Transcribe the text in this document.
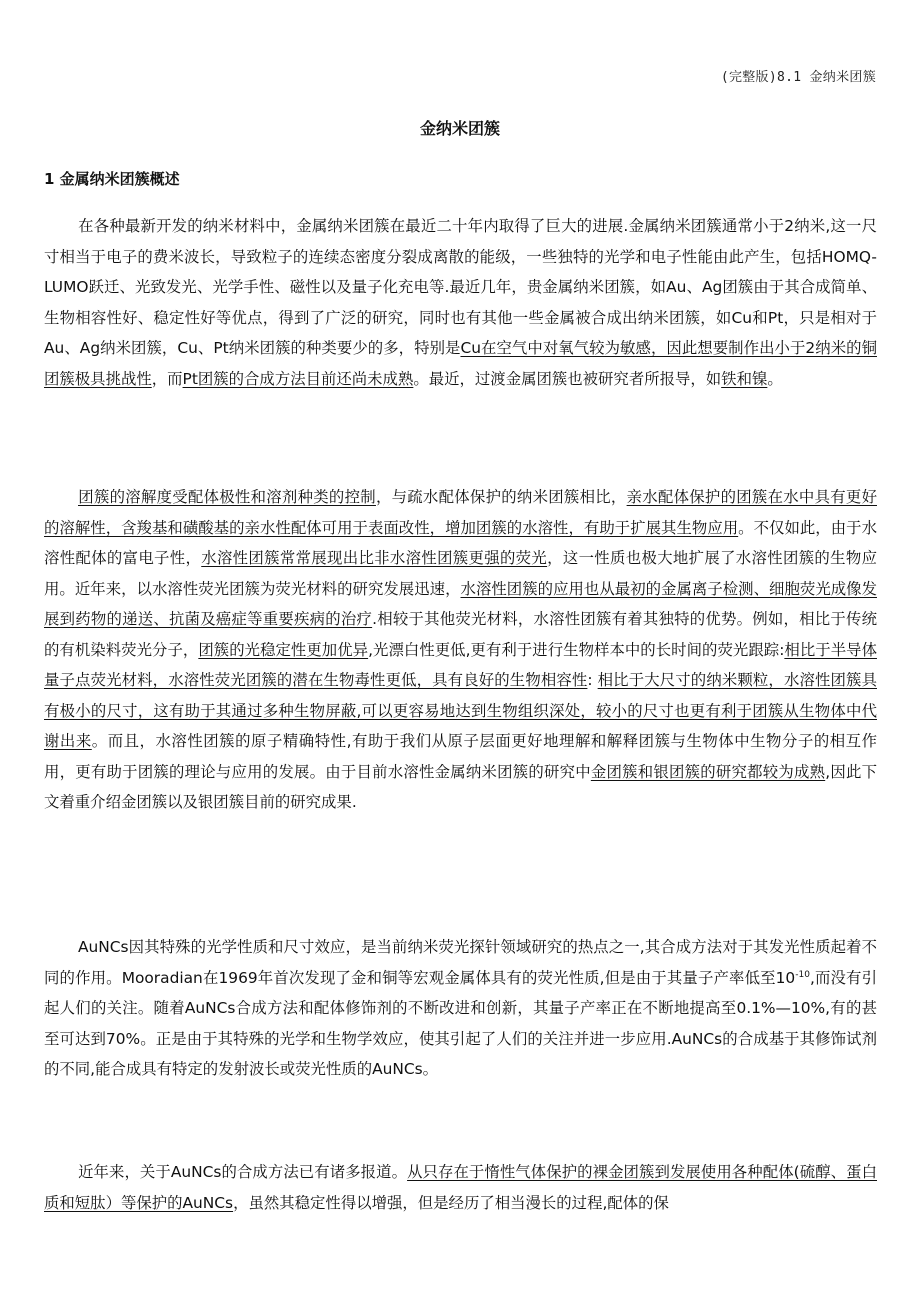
(完整版)8.1 金纳米团簇
金纳米团簇
1 金属纳米团簇概述
在各种最新开发的纳米材料中，金属纳米团簇在最近二十年内取得了巨大的进展.金属纳米团簇通常小于2纳米,这一尺寸相当于电子的费米波长，导致粒子的连续态密度分裂成离散的能级，一些独特的光学和电子性能由此产生，包括HOMQ-LUMO跃迁、光致发光、光学手性、磁性以及量子化充电等.最近几年，贵金属纳米团簇，如Au、Ag团簇由于其合成简单、生物相容性好、稳定性好等优点，得到了广泛的研究，同时也有其他一些金属被合成出纳米团簇，如Cu和Pt，只是相对于Au、Ag纳米团簇，Cu、Pt纳米团簇的种类要少的多，特别是Cu在空气中对氧气较为敏感，因此想要制作出小于2纳米的铜团簇极具挑战性，而Pt团簇的合成方法目前还尚未成熟。最近，过渡金属团簇也被研究者所报导，如铁和镍。
团簇的溶解度受配体极性和溶剂种类的控制，与疏水配体保护的纳米团簇相比，亲水配体保护的团簇在水中具有更好的溶解性，含羧基和磺酸基的亲水性配体可用于表面改性，增加团簇的水溶性，有助于扩展其生物应用。不仅如此，由于水溶性配体的富电子性，水溶性团簇常常展现出比非水溶性团簇更强的荧光，这一性质也极大地扩展了水溶性团簇的生物应用。近年来，以水溶性荧光团簇为荧光材料的研究发展迅速，水溶性团簇的应用也从最初的金属离子检测、细胞荧光成像发展到药物的递送、抗菌及癌症等重要疾病的治疗.相较于其他荧光材料，水溶性团簇有着其独特的优势。例如，相比于传统的有机染料荧光分子，团簇的光稳定性更加优异,光漂白性更低,更有利于进行生物样本中的长时间的荧光跟踪:相比于半导体量子点荧光材料，水溶性荧光团簇的潜在生物毒性更低，具有良好的生物相容性: 相比于大尺寸的纳米颗粒，水溶性团簇具有极小的尺寸，这有助于其通过多种生物屏蔽,可以更容易地达到生物组织深处，较小的尺寸也更有利于团簇从生物体中代谢出来。而且，水溶性团簇的原子精确特性,有助于我们从原子层面更好地理解和解释团簇与生物体中生物分子的相互作用，更有助于团簇的理论与应用的发展。由于目前水溶性金属纳米团簇的研究中金团簇和银团簇的研究都较为成熟,因此下文着重介绍金团簇以及银团簇目前的研究成果.
AuNCs因其特殊的光学性质和尺寸效应，是当前纳米荧光探针领域研究的热点之一,其合成方法对于其发光性质起着不同的作用。Mooradian在1969年首次发现了金和铜等宏观金属体具有的荧光性质,但是由于其量子产率低至$10^{-10}$,而没有引起人们的关注。随着AuNCs合成方法和配体修饰剂的不断改进和创新，其量子产率正在不断地提高至0.1%—10%,有的甚至可达到70%。正是由于其特殊的光学和生物学效应，使其引起了人们的关注并进一步应用.AuNCs的合成基于其修饰试剂的不同,能合成具有特定的发射波长或荧光性质的AuNCs。
近年来，关于AuNCs的合成方法已有诸多报道。从只存在于惰性气体保护的裸金团簇到发展使用各种配体(硫醇、蛋白质和短肽）等保护的AuNCs，虽然其稳定性得以增强，但是经历了相当漫长的过程,配体的保
